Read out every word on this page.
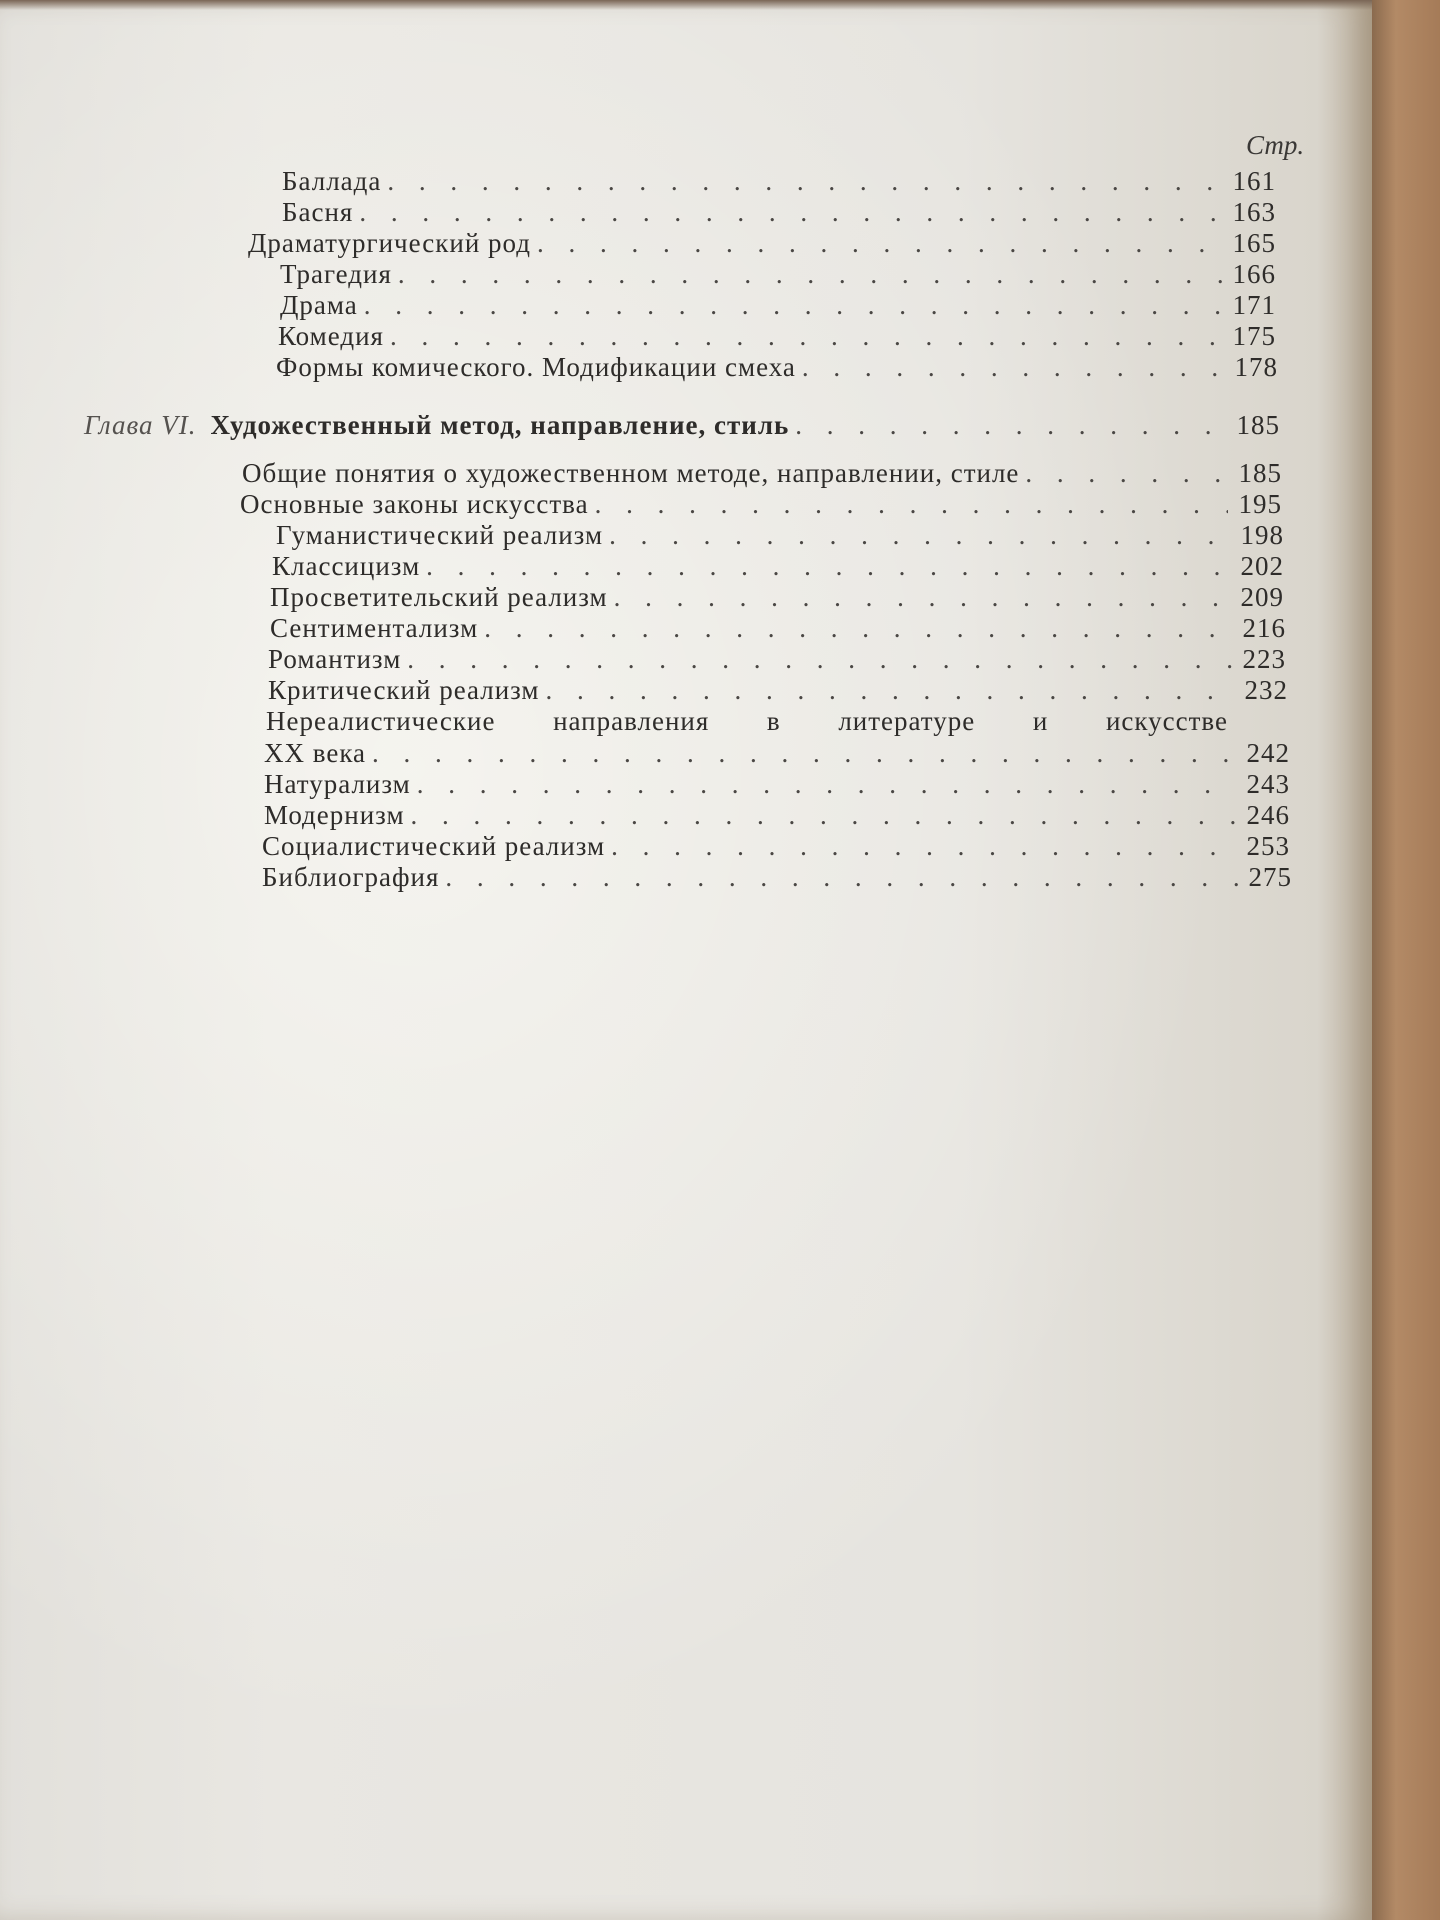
Стр.
Баллада . . .	161
Басня . . .	163
Драматургический род . . .	165
Трагедия . . .	166
Драма . . .	171
Комедия . . .	175
Формы комического. Модификации смеха . . .	178
Глава VI. Художественный метод, направление, стиль . . .	185
Общие понятия о художественном методе, направлении, стиле . . .	185
Основные законы искусства . . .	195
Гуманистический реализм . . .	198
Классицизм . . .	202
Просветительский реализм . . .	209
Сентиментализм . . .	216
Романтизм . . .	223
Критический реализм . . .	232
Нереалистические направления в литературе и искусстве
XX века . . .	242
Натурализм . . .	243
Модернизм . . .	246
Социалистический реализм . . .	253
Библиография . . .	275
